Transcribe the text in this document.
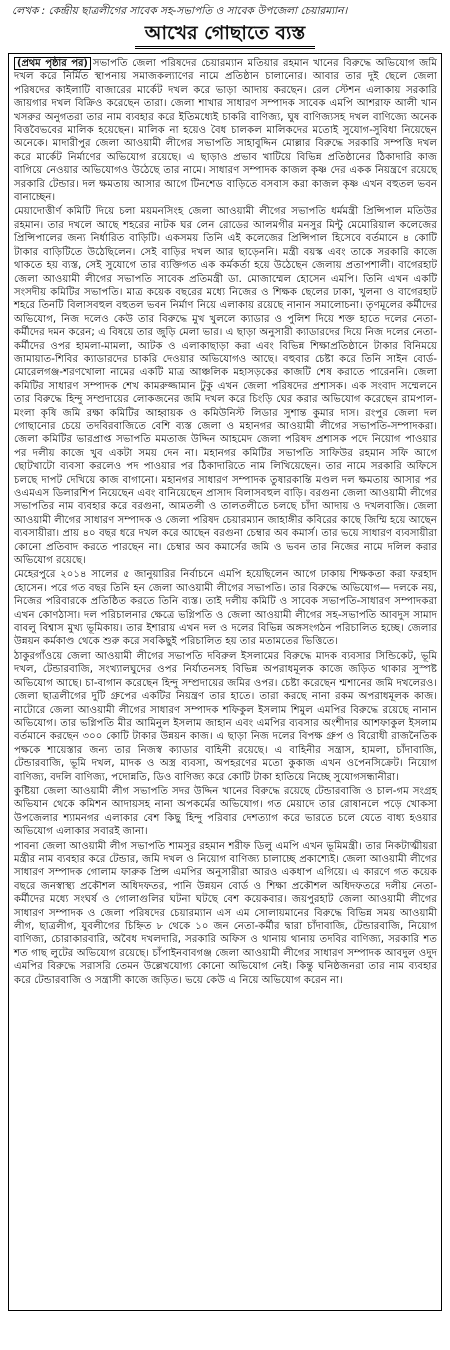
লেখক : কেন্দ্রীয় ছাত্রলীগের সাবেক সহ-সভাপতি ও সাবেক উপজেলা চেয়ারম্যান।
আখের গোছাতে ব্যস্ত

(প্রথম পৃষ্ঠার পর) সভাপতি জেলা পরিষদের চেয়ারম্যান মতিয়ার রহমান খানের বিরুদ্ধে অভিযোগ জমি দখল করে নির্মিত স্থাপনায় সমাজকল্যাণের নামে প্রতিষ্ঠান চালানোর। আবার তার দুই ছেলে জেলা পরিষদের কাইলাটি বাজারের মার্কেট দখল করে ভাড়া আদায় করছেন। রেল স্টেশন এলাকায় সরকারি জায়গার দখল বিক্রিও করেছেন তারা। জেলা শাখার সাধারণ সম্পাদক সাবেক এমপি আশরাফ আলী খান খসরুর অনুগতরা তার নাম ব্যবহার করে ইতিমধ্যেই চাকরি বাণিজ্য, ঘুষ বাণিজ্যসহ দখল বাণিজ্যে অনেক বিত্তবৈভবের মালিক হয়েছেন। মালিক না হয়েও বৈধ চালকল মালিকদের মতোই সুযোগ-সুবিধা নিয়েছেন অনেকে। মাদারীপুর জেলা আওয়ামী লীগের সভাপতি সাহাবুদ্দিন মোল্লার বিরুদ্ধে সরকারি সম্পত্তি দখল করে মার্কেট নির্মাণের অভিযোগ রয়েছে। এ ছাড়াও প্রভাব খাটিয়ে বিভিন্ন প্রতিষ্ঠানের ঠিকাদারি কাজ বাগিয়ে নেওয়ার অভিযোগও উঠেছে তার নামে। সাধারণ সম্পাদক কাজল কৃষ্ণ দের একক নিয়ন্ত্রণে রয়েছে সরকারি টেন্ডার। দল ক্ষমতায় আসার আগে টিনশেড বাড়িতে বসবাস করা কাজল কৃষ্ণ এখন বহুতল ভবন বানাচ্ছেন।

মেয়াদোত্তীর্ণ কমিটি দিয়ে চলা ময়মনসিংহ জেলা আওয়ামী লীগের সভাপতি ধর্মমন্ত্রী প্রিন্সিপাল মতিউর রহমান। তার দখলে আছে শহরের নাটক ঘর লেন রোডের আলমগীর মনসুর মিন্টু মেমোরিয়াল কলেজের প্রিন্সিপালের জন্য নির্ধারিত বাড়িটি। একসময় তিনি এই কলেজের প্রিন্সিপাল হিসেবে বর্তমানে ৪ কোটি টাকার বাড়িটিতে উঠেছিলেন। সেই বাড়ির দখল আর ছাড়েননি। মন্ত্রী বয়স্ক এবং তাকে সরকারি কাজে থাকতে হয় ব্যস্ত, সেই সুযোগে তার ব্যক্তিগত এক কর্মকর্তা হয়ে উঠেছেন জেলায় প্রতাপশালী। বাগেরহাট জেলা আওয়ামী লীগের সভাপতি সাবেক প্রতিমন্ত্রী ডা. মোজাম্মেল হোসেন এমপি। তিনি এখন একটি সংসদীয় কমিটির সভাপতি। মাত্র কয়েক বছরের মধ্যে নিজের ও শিক্ষক ছেলের ঢাকা, খুলনা ও বাগেরহাট শহরে তিনটি বিলাসবহুল বহুতল ভবন নির্মাণ নিয়ে এলাকায় রয়েছে নানান সমালোচনা। তৃণমূলের কর্মীদের অভিযোগ, নিজ দলেও কেউ তার বিরুদ্ধে মুখ খুললে ক্যাডার ও পুলিশ দিয়ে শক্ত হাতে দলের নেতা-কর্মীদের দমন করেন; এ বিষয়ে তার জুড়ি মেলা ভার। এ ছাড়া অনুসারী ক্যাডারদের দিয়ে নিজ দলের নেতা-কর্মীদের ওপর হামলা-মামলা, আটক ও এলাকাছাড়া করা এবং বিভিন্ন শিক্ষাপ্রতিষ্ঠানে টাকার বিনিময়ে জামায়াত-শিবির ক্যাডারদের চাকরি দেওয়ার অভিযোগও আছে। বহুবার চেষ্টা করে তিনি সাইন বোর্ড-মোরেলগঞ্জ-শরণখোলা নামের একটি মাত্র আঞ্চলিক মহাসড়কের কাজটি শেষ করাতে পারেননি। জেলা কমিটির সাধারণ সম্পাদক শেখ কামরুজ্জামান টুকু এখন জেলা পরিষদের প্রশাসক। এক সংবাদ সম্মেলনে তার বিরুদ্ধে হিন্দু সম্প্রদায়ের লোকজনের জমি দখল করে চিংড়ি ঘের করার অভিযোগ করেছেন রামপাল-মংলা কৃষি জমি রক্ষা কমিটির আহ্বায়ক ও কমিউনিস্ট লিডার সুশান্ত কুমার দাস। রংপুর জেলা দল গোছানোর চেয়ে তদবিরবাজিতে বেশি ব্যস্ত জেলা ও মহানগর আওয়ামী লীগের সভাপতি-সম্পাদকরা। জেলা কমিটির ভারপ্রাপ্ত সভাপতি মমতাজ উদ্দিন আহমেদ জেলা পরিষদ প্রশাসক পদে নিয়োগ পাওয়ার পর দলীয় কাজে খুব একটা সময় দেন না। মহানগর কমিটির সভাপতি সাফিউর রহমান সফি আগে ছোটখাটো ব্যবসা করলেও পদ পাওয়ার পর ঠিকাদারিতে নাম লিখিয়েছেন। তার নামে সরকারি অফিসে চলছে দাপট দেখিয়ে কাজ বাগানো। মহানগর সাধারণ সম্পাদক তুষারকান্তি মণ্ডল দল ক্ষমতায় আসার পর ওএমএস ডিলারশিপ নিয়েছেন এবং বানিয়েছেন প্রাসাদ বিলাসবহুল বাড়ি। বরগুনা জেলা আওয়ামী লীগের সভাপতির নাম ব্যবহার করে বরগুনা, আমতলী ও তালতলীতে চলছে চাঁদা আদায় ও দখলবাজি। জেলা আওয়ামী লীগের সাধারণ সম্পাদক ও জেলা পরিষদ চেয়ারম্যান জাহাঙ্গীর কবিরের কাছে জিম্মি হয়ে আছেন ব্যবসায়ীরা। প্রায় ৪০ বছর ধরে দখল করে আছেন বরগুনা চেম্বার অব কমার্স। তার ভয়ে সাধারণ ব্যবসায়ীরা কোনো প্রতিবাদ করতে পারছেন না। চেম্বার অব কমার্সের জমি ও ভবন তার নিজের নামে দলিল করার অভিযোগ রয়েছে।

মেহেরপুরে ২০১৪ সালের ৫ জানুয়ারির নির্বাচনে এমপি হয়েছিলেন আগে ঢাকায় শিক্ষকতা করা ফরহাদ হোসেন। পরে গত বছর তিনি হন জেলা আওয়ামী লীগের সভাপতি। তার বিরুদ্ধে অভিযোগ— দলকে নয়, নিজের পরিবারকে প্রতিষ্ঠিত করতে তিনি ব্যস্ত। তাই দলীয় কমিটি ও সাবেক সভাপতি-সাধারণ সম্পাদকরা এখন কোণঠাসা। দল পরিচালনার ক্ষেত্রে ভগ্নিপতি ও জেলা আওয়ামী লীগের সহ-সভাপতি আবদুস সামাদ বাবলু বিশ্বাস মুখ্য ভূমিকায়। তার ইশারায় এখন দল ও দলের বিভিন্ন অঙ্গসংগঠন পরিচালিত হচ্ছে। জেলার উন্নয়ন কর্মকাণ্ড থেকে শুরু করে সবকিছুই পরিচালিত হয় তার মতামতের ভিত্তিতে।

ঠাকুরগাঁওয়ে জেলা আওয়ামী লীগের সভাপতি দবিরুল ইসলামের বিরুদ্ধে মাদক ব্যবসার সিন্ডিকেট, ভূমি দখল, টেন্ডারবাজি, সংখ্যালঘুদের ওপর নির্যাতনসহ বিভিন্ন অপরাধমূলক কাজে জড়িত থাকার সুস্পষ্ট অভিযোগ আছে। চা-বাগান করেছেন হিন্দু সম্প্রদায়ের জমির ওপর। চেষ্টা করেছেন শ্মশানের জমি দখলেরও। জেলা ছাত্রলীগের দুটি গ্রুপের একটির নিয়ন্ত্রণ তার হাতে। তারা করছে নানা রকম অপরাধমূলক কাজ। নাটোরে জেলা আওয়ামী লীগের সাধারণ সম্পাদক শফিকুল ইসলাম শিমুল এমপির বিরুদ্ধে রয়েছে নানান অভিযোগ। তার ভগ্নিপতি মীর আমিনুল ইসলাম জাহান এবং এমপির ব্যবসার অংশীদার আশফাকুল ইসলাম বর্তমানে করছেন ৩০০ কোটি টাকার উন্নয়ন কাজ। এ ছাড়া নিজ দলের বিপক্ষ গ্রুপ ও বিরোধী রাজনৈতিক পক্ষকে শায়েস্তার জন্য তার নিজস্ব ক্যাডার বাহিনী রয়েছে। এ বাহিনীর সন্ত্রাস, হামলা, চাঁদাবাজি, টেন্ডারবাজি, ভূমি দখল, মাদক ও অস্ত্র ব্যবসা, অপহরণের মতো কুকাজ এখন ওপেনসিক্রেট। নিয়োগ বাণিজ্য, বদলি বাণিজ্য, পদোন্নতি, ডিও বাণিজ্য করে কোটি টাকা হাতিয়ে নিচ্ছে সুযোগসন্ধানীরা।

কুষ্টিয়া জেলা আওয়ামী লীগ সভাপতি সদর উদ্দিন খানের বিরুদ্ধে রয়েছে টেন্ডারবাজি ও চাল-গম সংগ্রহ অভিযান থেকে কমিশন আদায়সহ নানা অপকর্মের অভিযোগ। গত মেয়াদে তার রোষানলে পড়ে খোকসা উপজেলার শ্যামনগর এলাকার বেশ কিছু হিন্দু পরিবার দেশত্যাগ করে ভারতে চলে যেতে বাধ্য হওয়ার অভিযোগ এলাকার সবারই জানা।

পাবনা জেলা আওয়ামী লীগ সভাপতি শামসুর রহমান শরীফ ডিলু এমপি এখন ভূমিমন্ত্রী। তার নিকটাত্মীয়রা মন্ত্রীর নাম ব্যবহার করে টেন্ডার, জমি দখল ও নিয়োগ বাণিজ্য চালাচ্ছে প্রকাশ্যেই। জেলা আওয়ামী লীগের সাধারণ সম্পাদক গোলাম ফারুক প্রিন্স এমপির অনুসারীরা আরও একধাপ এগিয়ে। এ কারণে গত কয়েক বছরে জনস্বাস্থ্য প্রকৌশল অধিদফতর, পানি উন্নয়ন বোর্ড ও শিক্ষা প্রকৌশল অধিদফতরে দলীয় নেতা-কর্মীদের মধ্যে সংঘর্ষ ও গোলাগুলির ঘটনা ঘটছে বেশ কয়েকবার। জয়পুরহাট জেলা আওয়ামী লীগের সাধারণ সম্পাদক ও জেলা পরিষদের চেয়ারম্যান এস এম সোলায়মানের বিরুদ্ধে বিভিন্ন সময় আওয়ামী লীগ, ছাত্রলীগ, যুবলীগের চিহ্নিত ৮ থেকে ১০ জন নেতা-কর্মীর দ্বারা চাঁদাবাজি, টেন্ডারবাজি, নিয়োগ বাণিজ্য, চোরাকারবারি, অবৈধ দখলদারি, সরকারি অফিস ও থানায় থানায় তদবির বাণিজ্য, সরকারি শত শত গাছ লুটের অভিযোগ রয়েছে। চাঁপাইনবাবগঞ্জ জেলা আওয়ামী লীগের সাধারণ সম্পাদক আবদুল ওদুদ এমপির বিরুদ্ধে সরাসরি তেমন উল্লেখযোগ্য কোনো অভিযোগ নেই। কিন্তু ঘনিষ্ঠজনরা তার নাম ব্যবহার করে টেন্ডারবাজি ও সন্ত্রাসী কাজে জড়িত। ভয়ে কেউ এ নিয়ে অভিযোগ করেন না।
